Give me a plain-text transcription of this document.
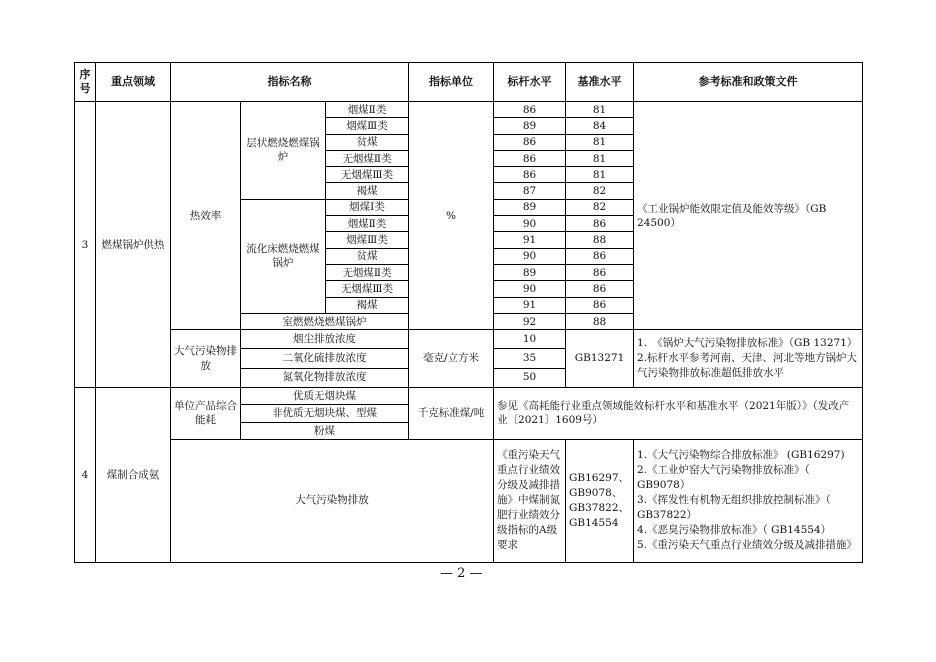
序号	重点领域	指标名称			指标单位	标杆水平	基准水平	参考标准和政策文件
3	燃煤锅炉供热	热效率	层状燃烧燃煤锅炉	烟煤Ⅱ类	%	86	81	《工业锅炉能效限定值及能效等级》（GB 24500）
				烟煤Ⅲ类		89	84	
				贫煤		86	81	
				无烟煤Ⅱ类		86	81	
				无烟煤Ⅲ类		86	81	
				褐煤		87	82	
			流化床燃烧燃煤锅炉	烟煤Ⅰ类		89	82	
				烟煤Ⅱ类		90	86	
				烟煤Ⅲ类		91	88	
				贫煤		90	86	
				无烟煤Ⅱ类		89	86	
				无烟煤Ⅲ类		90	86	
				褐煤		91	86	
			室燃燃烧燃煤锅炉			92	88	
		大气污染物排放	烟尘排放浓度		毫克/立方米	10	GB13271	1.　《锅炉大气污染物排放标准》（GB 13271）
2.标杆水平参考河南、天津、河北等地方锅炉大气污染物排放标准超低排放水平

			二氧化硫排放浓度			35		
			氮氧化物排放浓度			50		
4	煤制合成氨	单位产品综合能耗	优质无烟块煤		千克标准煤/吨	参见《高耗能行业重点领域能效标杆水平和基准水平（2021年版）》（发改产业〔2021〕1609号）		
			非优质无烟块煤、型煤					
			粉煤					
		大气污染物排放				《重污染天气重点行业绩效分级及减排措施》中煤制氮肥行业绩效分级指标的A级要求	GB16297、GB9078、GB37822、GB14554	1.《大气污染物综合排放标准》 (GB16297)
2.《工业炉窑大气污染物排放标准》（ GB9078）
3.《挥发性有机物无组织排放控制标准》（ GB37822）
4.《恶臭污染物排放标准》（ GB14554）
5.《重污染天气重点行业绩效分级及减排措施》
— 2 —
